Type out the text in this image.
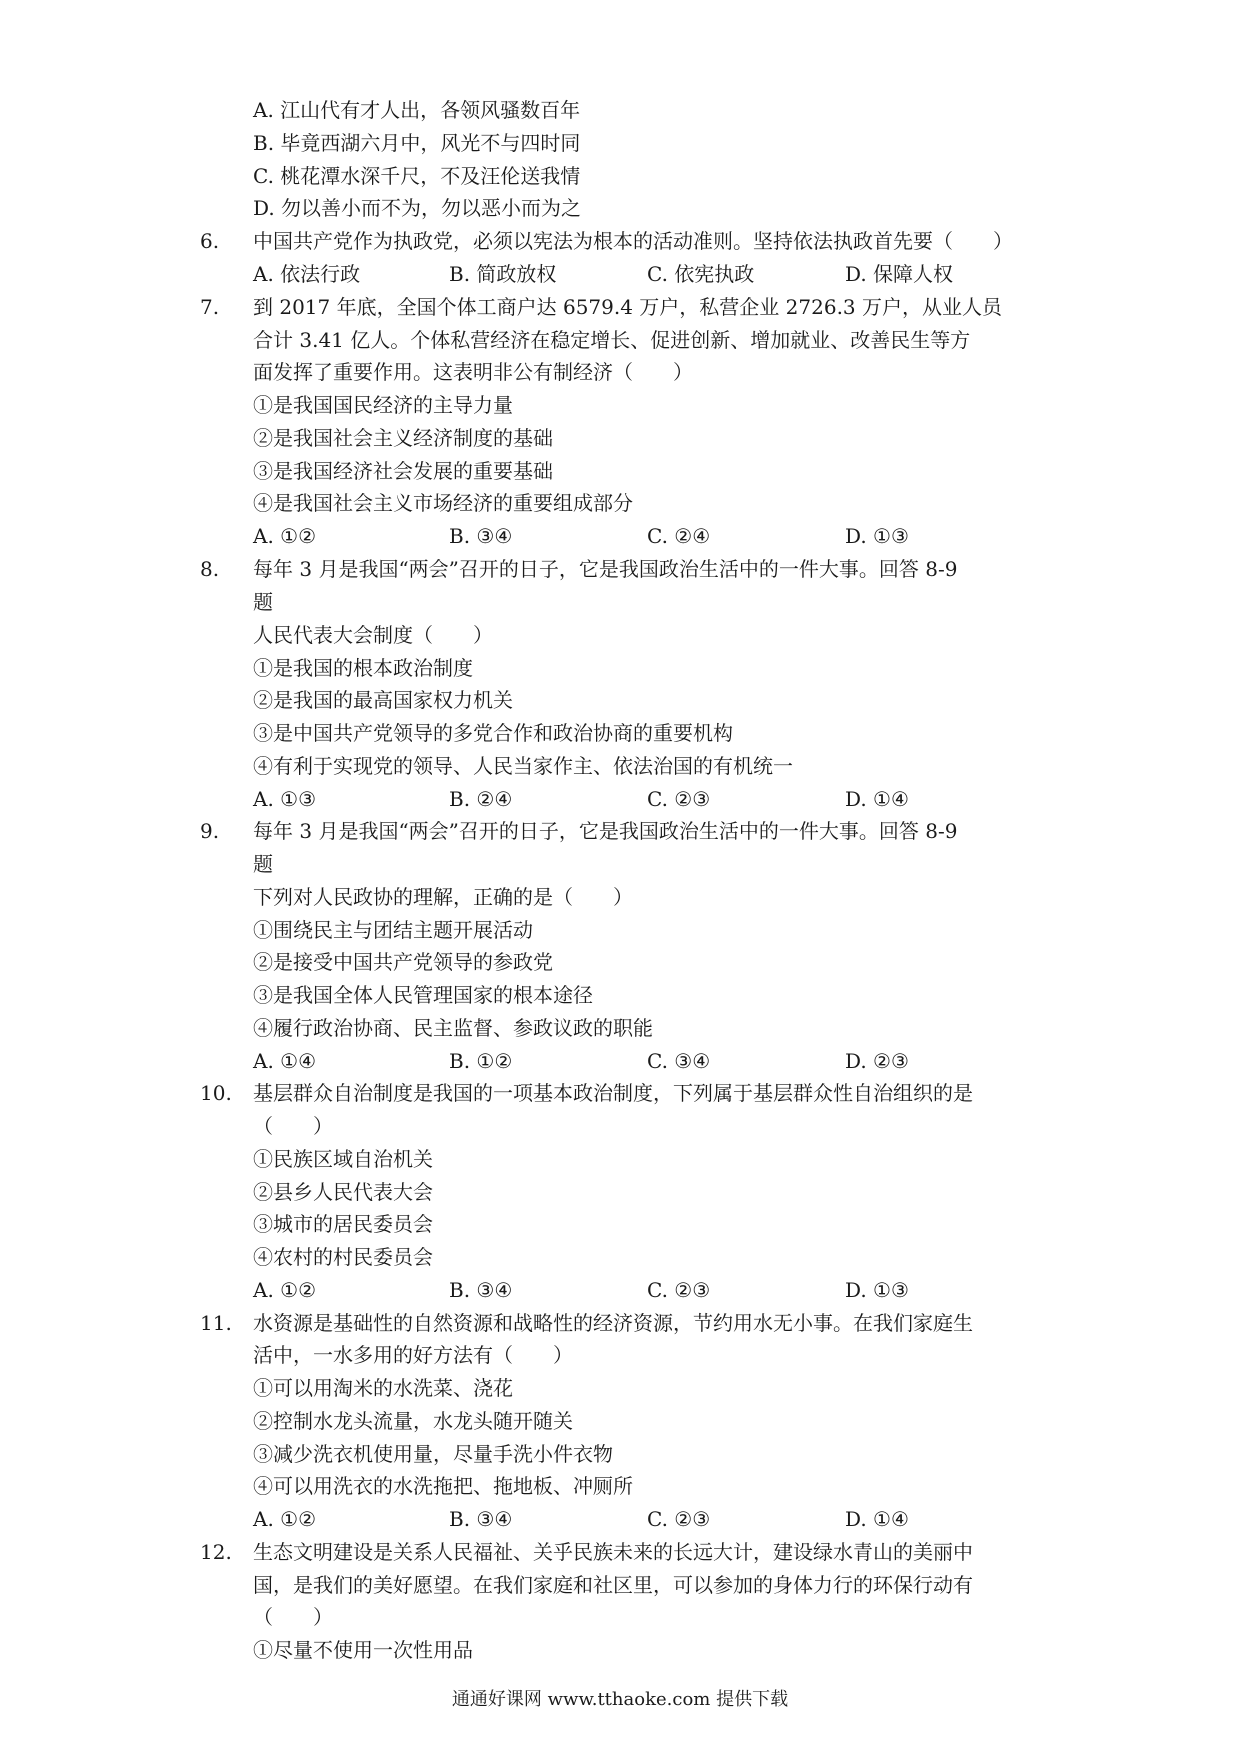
A. 江山代有才人出，各领风骚数百年
B. 毕竟西湖六月中，风光不与四时同
C. 桃花潭水深千尺，不及汪伦送我情
D. 勿以善小而不为，勿以恶小而为之
6.	中国共产党作为执政党，必须以宪法为根本的活动准则。坚持依法执政首先要（　　）
A. 依法行政	B. 简政放权	C. 依宪执政	D. 保障人权
7.	到 2017 年底，全国个体工商户达 6579.4 万户，私营企业 2726.3 万户，从业人员
合计 3.41 亿人。个体私营经济在稳定增长、促进创新、增加就业、改善民生等方
面发挥了重要作用。这表明非公有制经济（　　）
①是我国国民经济的主导力量
②是我国社会主义经济制度的基础
③是我国经济社会发展的重要基础
④是我国社会主义市场经济的重要组成部分
A. ①②	B. ③④	C. ②④	D. ①③
8.	每年 3 月是我国“两会”召开的日子，它是我国政治生活中的一件大事。回答 8-9
题
人民代表大会制度（　　）
①是我国的根本政治制度
②是我国的最高国家权力机关
③是中国共产党领导的多党合作和政治协商的重要机构
④有利于实现党的领导、人民当家作主、依法治国的有机统一
A. ①③	B. ②④	C. ②③	D. ①④
9.	每年 3 月是我国“两会”召开的日子，它是我国政治生活中的一件大事。回答 8-9
题
下列对人民政协的理解，正确的是（　　）
①围绕民主与团结主题开展活动
②是接受中国共产党领导的参政党
③是我国全体人民管理国家的根本途径
④履行政治协商、民主监督、参政议政的职能
A. ①④	B. ①②	C. ③④	D. ②③
10.	基层群众自治制度是我国的一项基本政治制度，下列属于基层群众性自治组织的是
（　　）
①民族区域自治机关
②县乡人民代表大会
③城市的居民委员会
④农村的村民委员会
A. ①②	B. ③④	C. ②③	D. ①③
11.	水资源是基础性的自然资源和战略性的经济资源，节约用水无小事。在我们家庭生
活中，一水多用的好方法有（　　）
①可以用淘米的水洗菜、浇花
②控制水龙头流量，水龙头随开随关
③减少洗衣机使用量，尽量手洗小件衣物
④可以用洗衣的水洗拖把、拖地板、冲厕所
A. ①②	B. ③④	C. ②③	D. ①④
12.	生态文明建设是关系人民福祉、关乎民族未来的长远大计，建设绿水青山的美丽中
国，是我们的美好愿望。在我们家庭和社区里，可以参加的身体力行的环保行动有
（　　）
①尽量不使用一次性用品
通通好课网 www.tthaoke.com 提供下载
